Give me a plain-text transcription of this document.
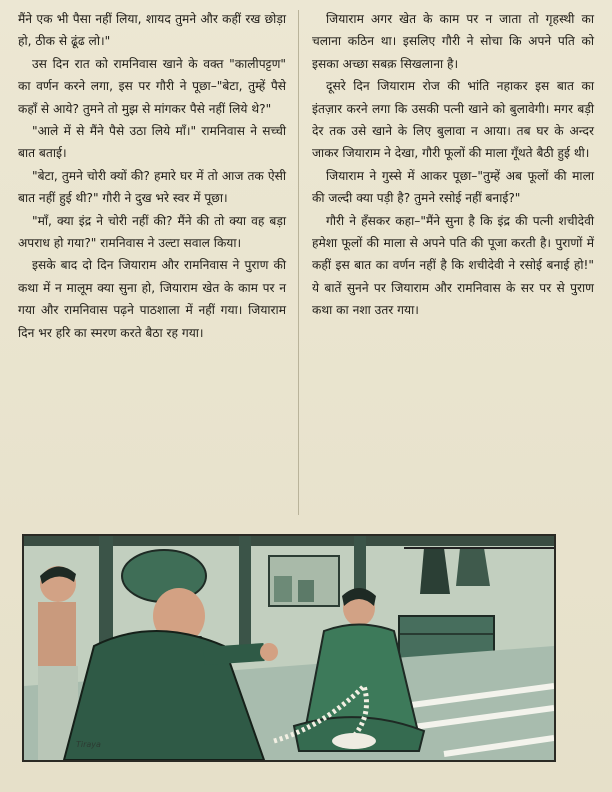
मैंने एक भी पैसा नहीं लिया, शायद तुमने और कहीं रख छोड़ा हो, ठीक से ढूंढ लो।"

उस दिन रात को रामनिवास खाने के वक्त "कालीपट्टण" का वर्णन करने लगा, इस पर गौरी ने पूछा–"बेटा, तुम्हें पैसे कहाँ से आये? तुमने तो मुझ से मांगकर पैसे नहीं लिये थे?"

"आले में से मैंने पैसे उठा लिये माँ।" रामनिवास ने सच्ची बात बताई।

"बेटा, तुमने चोरी क्यों की? हमारे घर में तो आज तक ऐसी बात नहीं हुई थी?" गौरी ने दुख भरे स्वर में पूछा।

"माँ, क्या इंद्र ने चोरी नहीं की? मैंने की तो क्या वह बड़ा अपराध हो गया?" रामनिवास ने उल्टा सवाल किया।

इसके बाद दो दिन जियाराम और रामनिवास ने पुराण की कथा में न मालूम क्या सुना हो, जियाराम खेत के काम पर न गया और रामनिवास पढ़ने पाठशाला में नहीं गया। जियाराम दिन भर हरि का स्मरण करते बैठा रह गया।

जियाराम अगर खेत के काम पर न जाता तो गृहस्थी का चलाना कठिन था। इसलिए गौरी ने सोचा कि अपने पति को इसका अच्छा सबक़ सिखलाना है।

दूसरे दिन जियाराम रोज की भांति नहाकर इस बात का इंतज़ार करने लगा कि उसकी पत्नी खाने को बुलावेगी। मगर बड़ी देर तक उसे खाने के लिए बुलावा न आया। तब घर के अन्दर जाकर जियाराम ने देखा, गौरी फूलों की माला गूँथते बैठी हुई थी।

जियाराम ने गुस्से में आकर पूछा–"तुम्हें अब फूलों की माला की जल्दी क्या पड़ी है? तुमने रसोई नहीं बनाई?"

गौरी ने हँसकर कहा–"मैंने सुना है कि इंद्र की पत्नी शचीदेवी हमेशा फूलों की माला से अपने पति की पूजा करती है। पुराणों में कहीं इस बात का वर्णन नहीं है कि शचीदेवी ने रसोई बनाई हो!" ये बातें सुनने पर जियाराम और रामनिवास के सर पर से पुराण कथा का नशा उतर गया।

Tiraya
